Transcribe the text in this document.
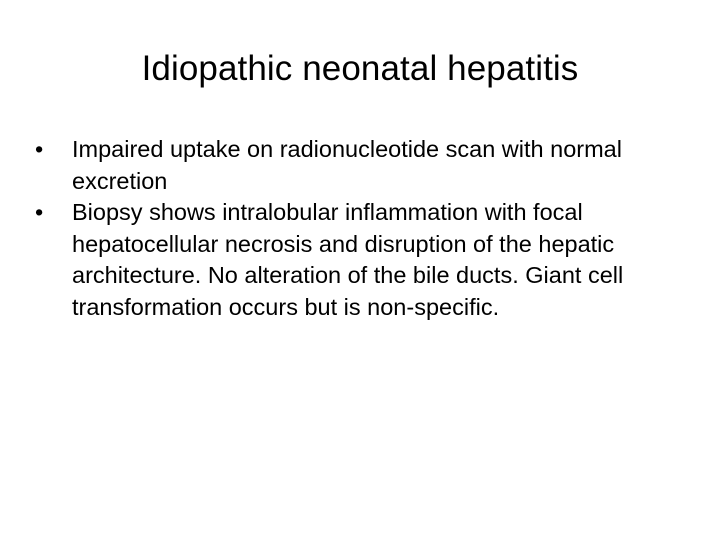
Idiopathic neonatal hepatitis
•	Impaired uptake on radionucleotide scan with normal excretion
•	Biopsy shows intralobular inflammation with focal hepatocellular necrosis and disruption of the hepatic architecture. No alteration of the bile ducts. Giant cell transformation occurs but is non-specific.
